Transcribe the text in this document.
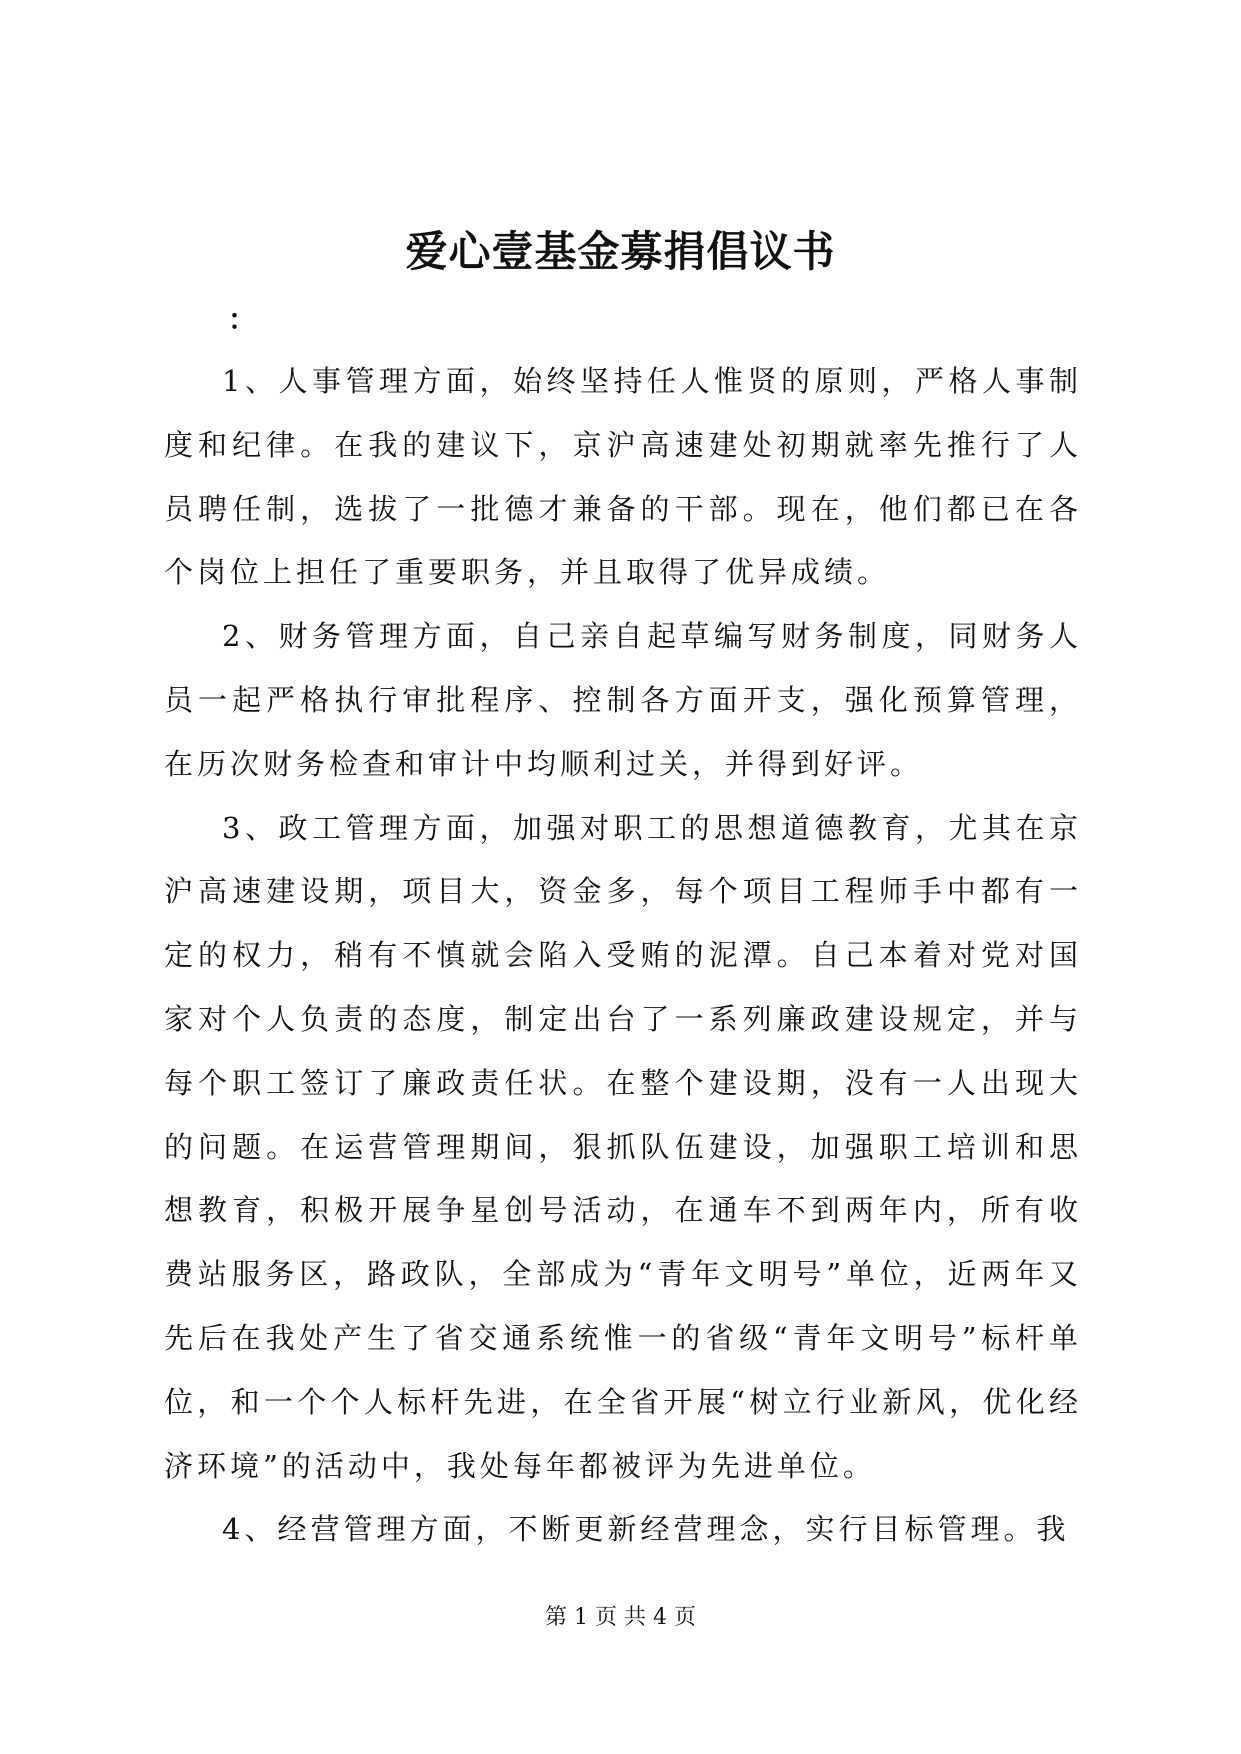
爱心壹基金募捐倡议书

：

1、人事管理方面，始终坚持任人惟贤的原则，严格人事制度和纪律。在我的建议下，京沪高速建处初期就率先推行了人员聘任制，选拔了一批德才兼备的干部。现在，他们都已在各个岗位上担任了重要职务，并且取得了优异成绩。

2、财务管理方面，自己亲自起草编写财务制度，同财务人员一起严格执行审批程序、控制各方面开支，强化预算管理，在历次财务检查和审计中均顺利过关，并得到好评。

3、政工管理方面，加强对职工的思想道德教育，尤其在京沪高速建设期，项目大，资金多，每个项目工程师手中都有一定的权力，稍有不慎就会陷入受贿的泥潭。自己本着对党对国家对个人负责的态度，制定出台了一系列廉政建设规定，并与每个职工签订了廉政责任状。在整个建设期，没有一人出现大的问题。在运营管理期间，狠抓队伍建设，加强职工培训和思想教育，积极开展争星创号活动，在通车不到两年内，所有收费站服务区，路政队，全部成为“青年文明号”单位，近两年又先后在我处产生了省交通系统惟一的省级“青年文明号”标杆单位，和一个个人标杆先进，在全省开展“树立行业新风，优化经济环境”的活动中，我处每年都被评为先进单位。

4、经营管理方面，不断更新经营理念，实行目标管理。我

第 1 页 共 4 页
